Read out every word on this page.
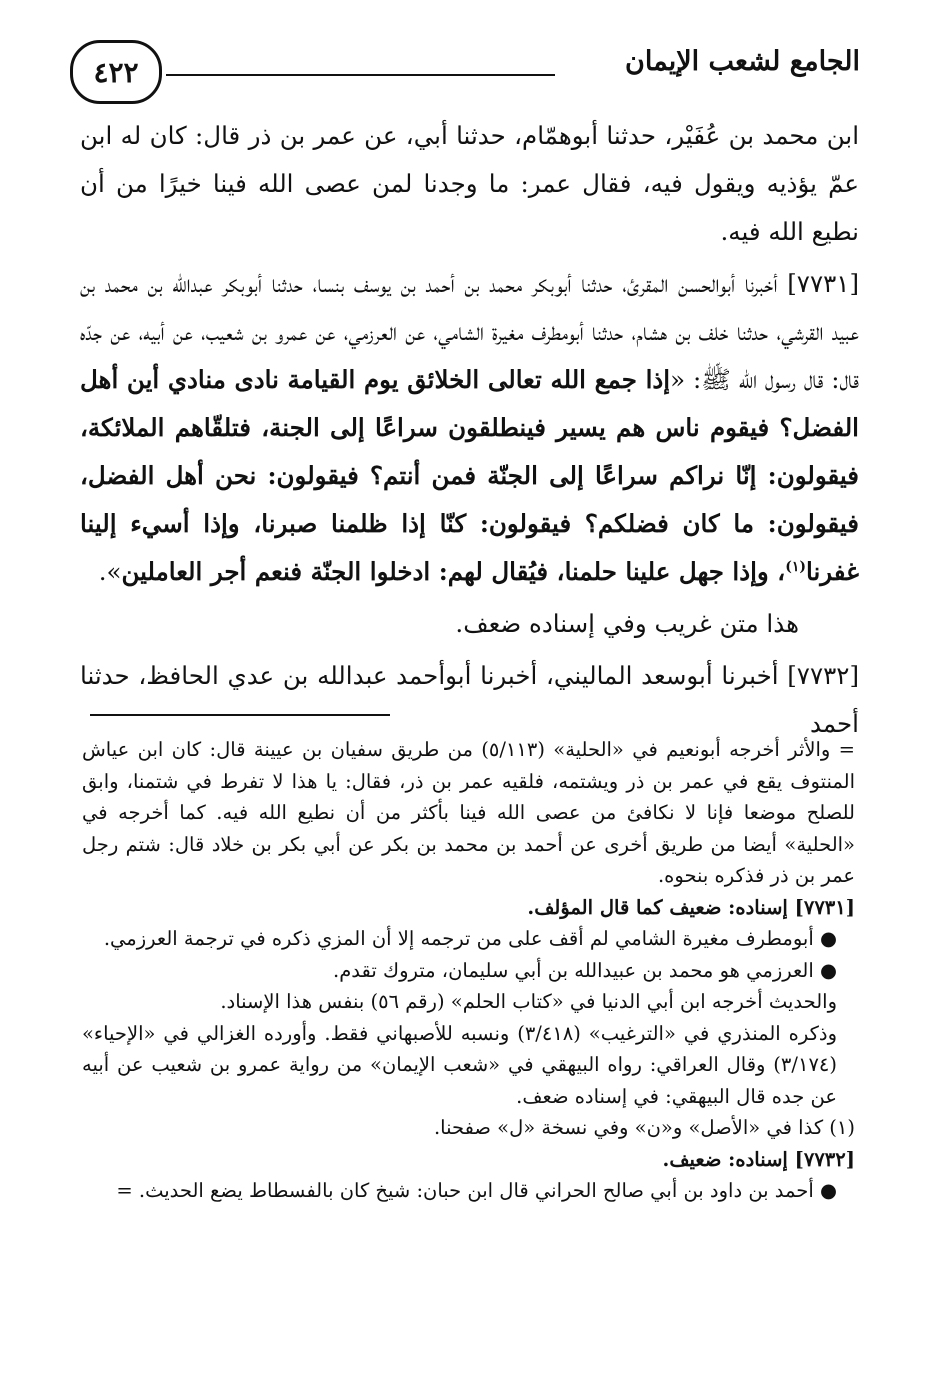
٤٢٢	الجامع لشعب الإيمان

ابن محمد بن عُفَيْر، حدثنا أبوهمّام، حدثنا أبي، عن عمر بن ذر قال: كان له ابن عمّ يؤذيه ويقول فيه، فقال عمر: ما وجدنا لمن عصى الله فينا خيرًا من أن نطيع الله فيه.

[٧٧٣١] أخبرنا أبوالحسن المقرئ، حدثنا أبوبكر محمد بن أحمد بن يوسف بنسا، حدثنا أبوبكر عبدالله بن محمد بن عبيد القرشي، حدثنا خلف بن هشام، حدثنا أبومطرف مغيرة الشامي، عن العرزمي، عن عمرو بن شعيب، عن أبيه، عن جدّه قال: قال رسول الله ﷺ: «إذا جمع الله تعالى الخلائق يوم القيامة نادى منادي أين أهل الفضل؟ فيقوم ناس هم يسير فينطلقون سراعًا إلى الجنة، فتلقّاهم الملائكة، فيقولون: إنّا نراكم سراعًا إلى الجنّة فمن أنتم؟ فيقولون: نحن أهل الفضل، فيقولون: ما كان فضلكم؟ فيقولون: كنّا إذا ظلمنا صبرنا، وإذا أسيء إلينا غفرنا$^{(١)}$، وإذا جهل علينا حلمنا، فيُقال لهم: ادخلوا الجنّة فنعم أجر العاملين».

هذا متن غريب وفي إسناده ضعف.

[٧٧٣٢] أخبرنا أبوسعد الماليني، أخبرنا أبوأحمد عبدالله بن عدي الحافظ، حدثنا أحمد

= والأثر أخرجه أبونعيم في «الحلية» (٥/١١٣) من طريق سفيان بن عيينة قال: كان ابن عياش المنتوف يقع في عمر بن ذر ويشتمه، فلقيه عمر بن ذر، فقال: يا هذا لا تفرط في شتمنا، وابق للصلح موضعا فإنا لا نكافئ من عصى الله فينا بأكثر من أن نطيع الله فيه. كما أخرجه في «الحلية» أيضا من طريق أخرى عن أحمد بن محمد بن بكر عن أبي بكر بن خلاد قال: شتم رجل عمر بن ذر فذكره بنحوه.

[٧٧٣١] إسناده: ضعيف كما قال المؤلف.

● أبومطرف مغيرة الشامي لم أقف على من ترجمه إلا أن المزي ذكره في ترجمة العرزمي.

● العرزمي هو محمد بن عبيدالله بن أبي سليمان، متروك تقدم.

والحديث أخرجه ابن أبي الدنيا في «كتاب الحلم» (رقم ٥٦) بنفس هذا الإسناد.

وذكره المنذري في «الترغيب» (٣/٤١٨) ونسبه للأصبهاني فقط. وأورده الغزالي في «الإحياء» (٣/١٧٤) وقال العراقي: رواه البيهقي في «شعب الإيمان» من رواية عمرو بن شعيب عن أبيه عن جده قال البيهقي: في إسناده ضعف.

(١) كذا في «الأصل» و«ن» وفي نسخة «ل» صفحنا.

[٧٧٣٢] إسناده: ضعيف.

● أحمد بن داود بن أبي صالح الحراني قال ابن حبان: شيخ كان بالفسطاط يضع الحديث. =
